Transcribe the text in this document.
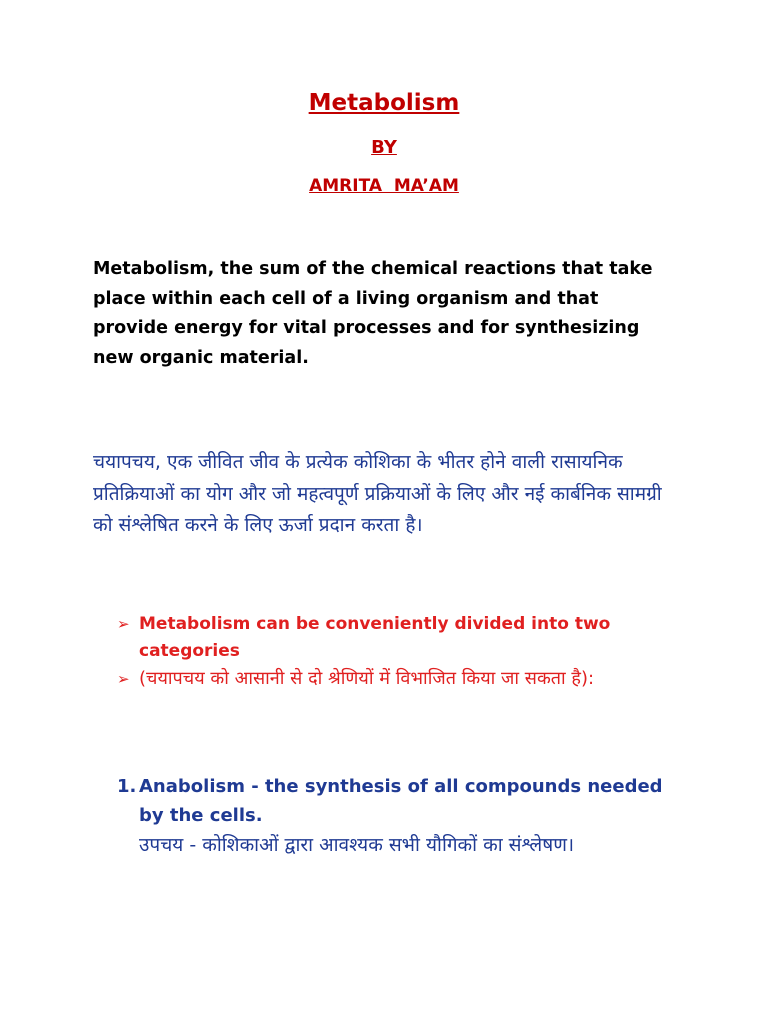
Metabolism
BY
AMRITA  MA’AM
Metabolism, the sum of the chemical reactions that take place within each cell of a living organism and that provide energy for vital processes and for synthesizing new organic material.
चयापचय, एक जीवित जीव के प्रत्येक कोशिका के भीतर होने वाली रासायनिक प्रतिक्रियाओं का योग और जो महत्वपूर्ण प्रक्रियाओं के लिए और नई कार्बनिक सामग्री को संश्लेषित करने के लिए ऊर्जा प्रदान करता है।
➢ Metabolism can be conveniently divided into two categories
➢ (चयापचय को आसानी से दो श्रेणियों में विभाजित किया जा सकता है):
1. Anabolism - the synthesis of all compounds needed by the cells.
उपचय - कोशिकाओं द्वारा आवश्यक सभी यौगिकों का संश्लेषण।
